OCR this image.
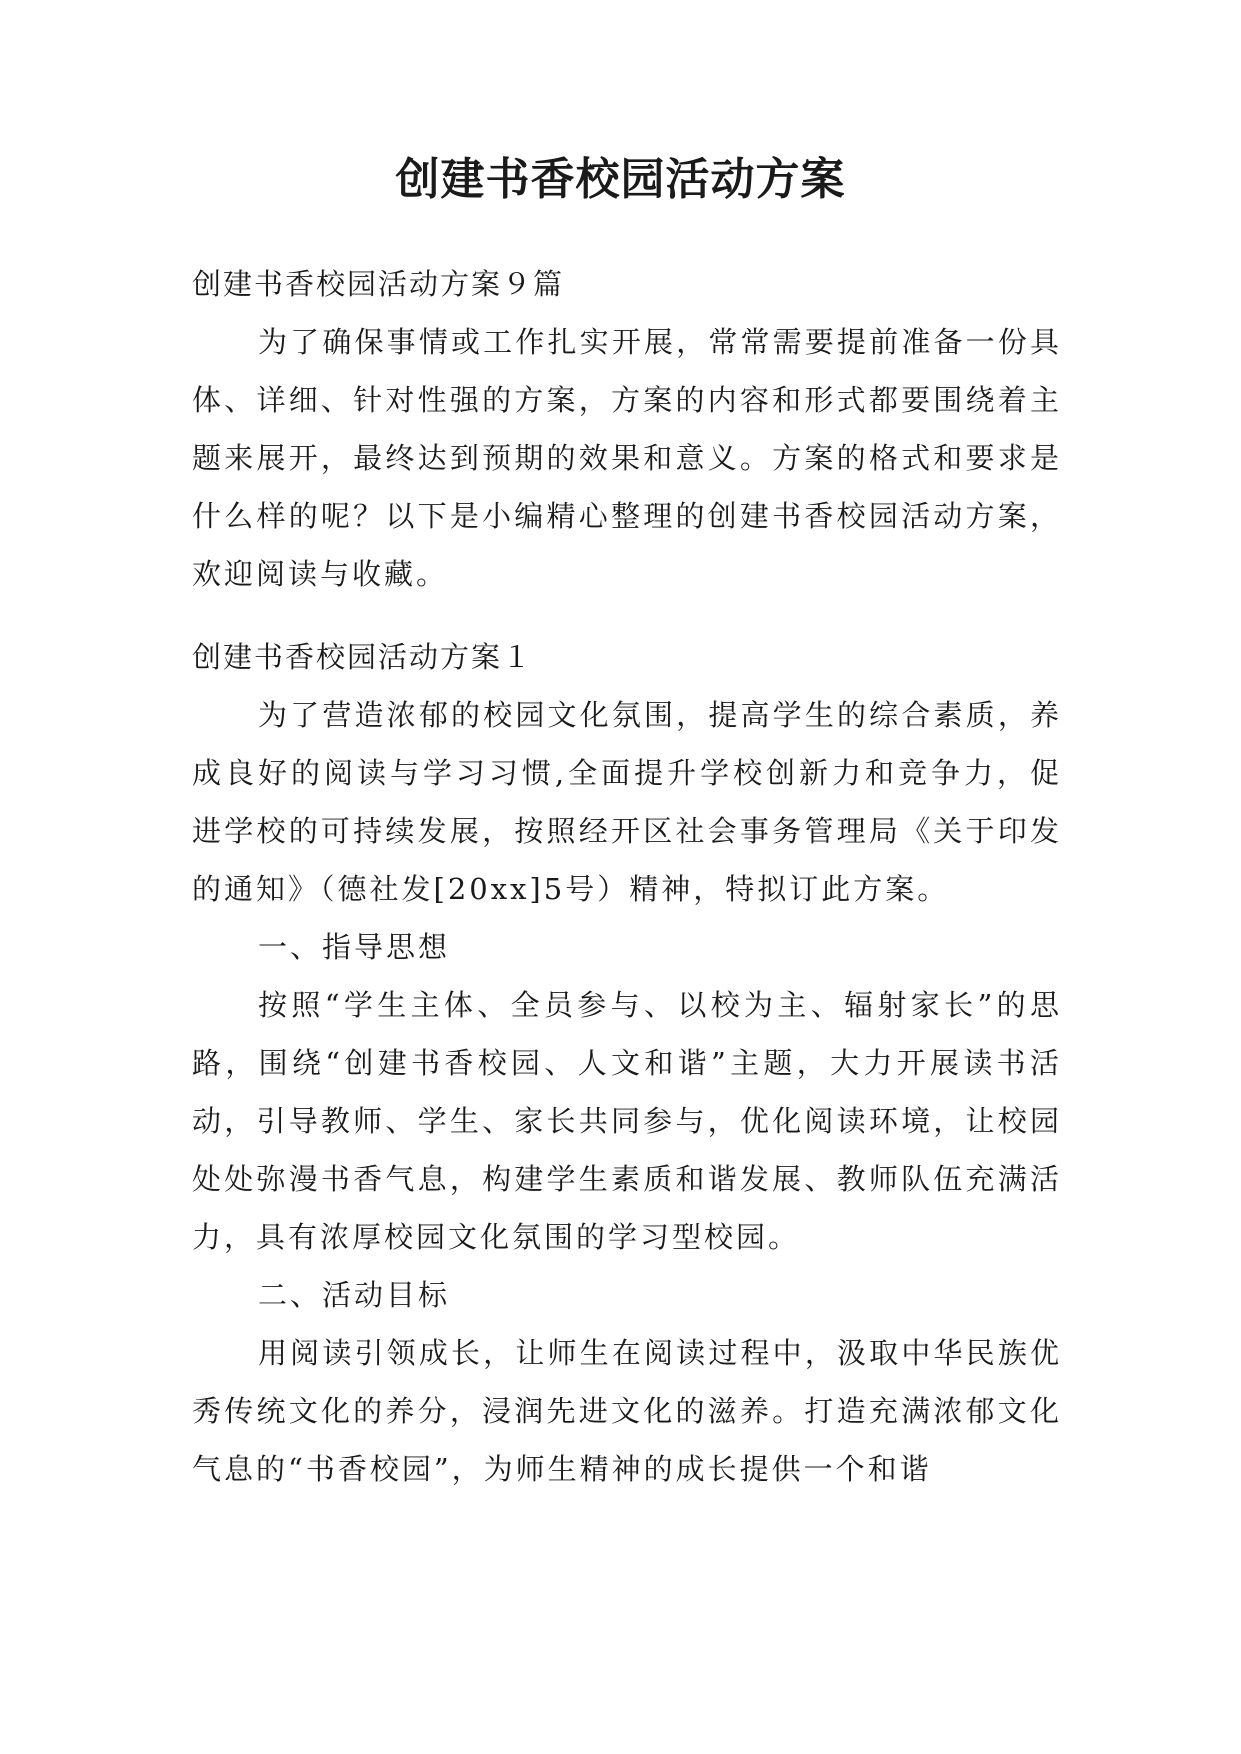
创建书香校园活动方案
创建书香校园活动方案９篇

为了确保事情或工作扎实开展，常常需要提前准备一份具体、详细、针对性强的方案，方案的内容和形式都要围绕着主题来展开，最终达到预期的效果和意义。方案的格式和要求是什么样的呢？以下是小编精心整理的创建书香校园活动方案，欢迎阅读与收藏。

创建书香校园活动方案１

为了营造浓郁的校园文化氛围，提高学生的综合素质，养成良好的阅读与学习习惯,全面提升学校创新力和竞争力，促进学校的可持续发展，按照经开区社会事务管理局《关于印发的通知》（德社发[20xx]5号）精神，特拟订此方案。

一、指导思想

按照“学生主体、全员参与、以校为主、辐射家长”的思路，围绕“创建书香校园、人文和谐”主题，大力开展读书活动，引导教师、学生、家长共同参与，优化阅读环境，让校园处处弥漫书香气息，构建学生素质和谐发展、教师队伍充满活力，具有浓厚校园文化氛围的学习型校园。

二、活动目标

用阅读引领成长，让师生在阅读过程中，汲取中华民族优秀传统文化的养分，浸润先进文化的滋养。打造充满浓郁文化气息的“书香校园”，为师生精神的成长提供一个和谐
